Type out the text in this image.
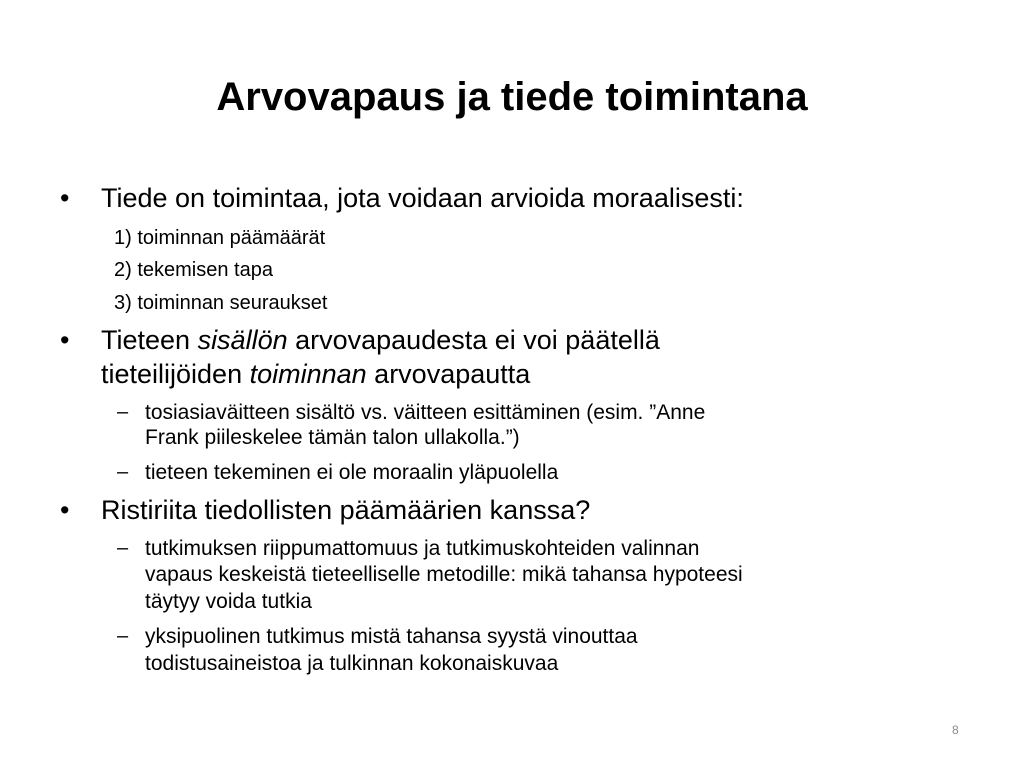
Arvovapaus ja tiede toimintana
• Tiede on toimintaa, jota voidaan arvioida moraalisesti:
1) toiminnan päämäärät
2) tekemisen tapa
3) toiminnan seuraukset
• Tieteen sisällön arvovapaudesta ei voi päätellä
tieteilijöiden toiminnan arvovapautta
– tosiasiaväitteen sisältö vs. väitteen esittäminen (esim. ”Anne
Frank piileskelee tämän talon ullakolla.”)
– tieteen tekeminen ei ole moraalin yläpuolella
• Ristiriita tiedollisten päämäärien kanssa?
– tutkimuksen riippumattomuus ja tutkimuskohteiden valinnan
vapaus keskeistä tieteelliselle metodille: mikä tahansa hypoteesi
täytyy voida tutkia
– yksipuolinen tutkimus mistä tahansa syystä vinouttaa
todistusaineistoa ja tulkinnan kokonaiskuvaa
8
